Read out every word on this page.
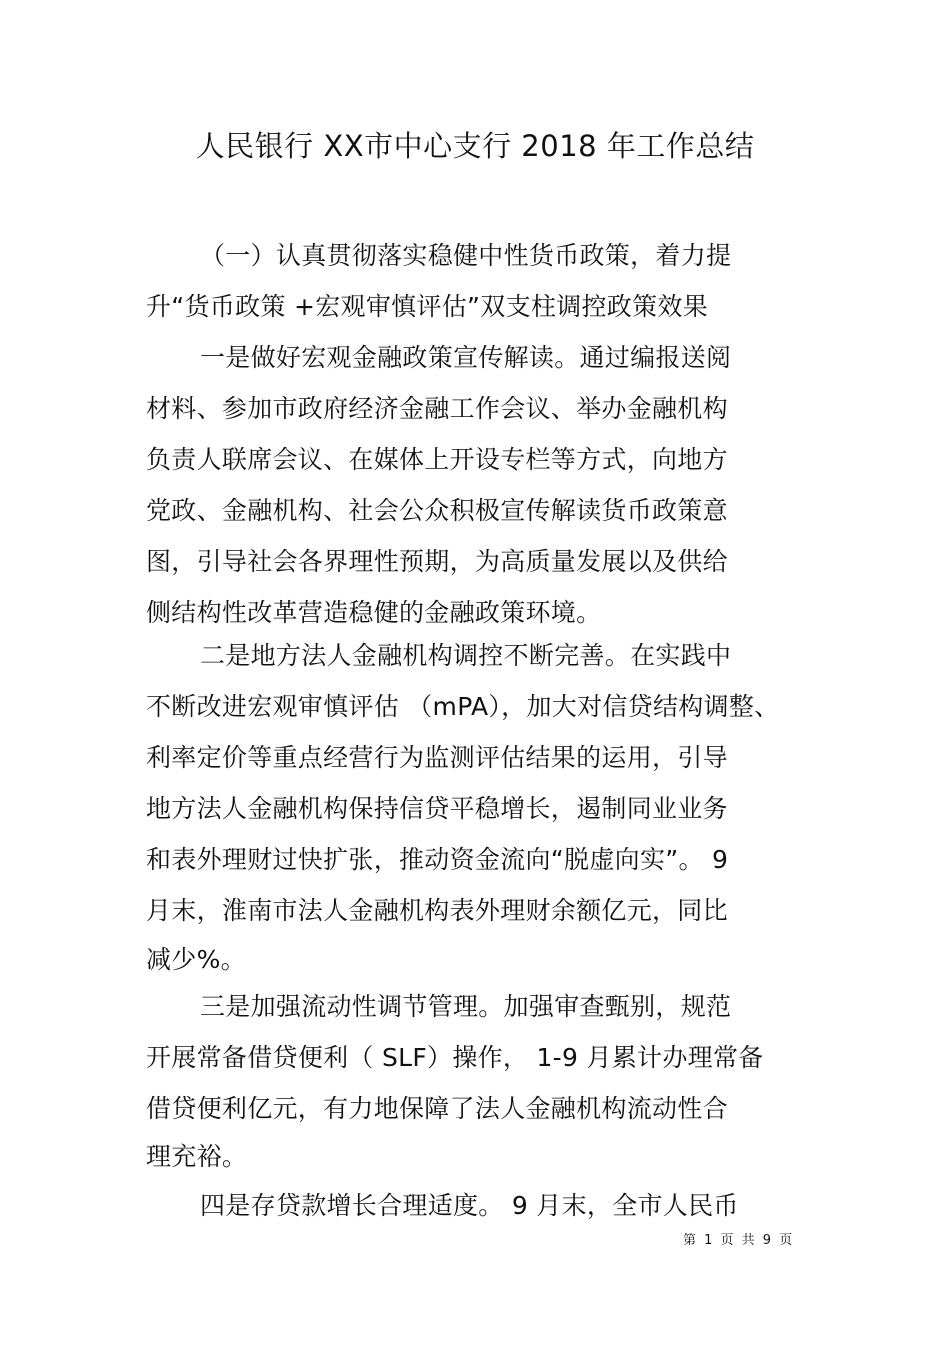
人民银行 XX市中心支行 2018 年工作总结
（一）认真贯彻落实稳健中性货币政策，着力提
升“货币政策 +宏观审慎评估”双支柱调控政策效果
一是做好宏观金融政策宣传解读。通过编报送阅
材料、参加市政府经济金融工作会议、举办金融机构
负责人联席会议、在媒体上开设专栏等方式，向地方
党政、金融机构、社会公众积极宣传解读货币政策意
图，引导社会各界理性预期，为高质量发展以及供给
侧结构性改革营造稳健的金融政策环境。
二是地方法人金融机构调控不断完善。在实践中
不断改进宏观审慎评估 （mPA），加大对信贷结构调整、
利率定价等重点经营行为监测评估结果的运用，引导
地方法人金融机构保持信贷平稳增长，遏制同业业务
和表外理财过快扩张，推动资金流向“脱虚向实”。 9
月末，淮南市法人金融机构表外理财余额亿元，同比
减少%。
三是加强流动性调节管理。加强审查甄别，规范
开展常备借贷便利（ SLF）操作， 1-9 月累计办理常备
借贷便利亿元，有力地保障了法人金融机构流动性合
理充裕。
四是存贷款增长合理适度。 9 月末，全市人民币
第 1 页 共 9 页
